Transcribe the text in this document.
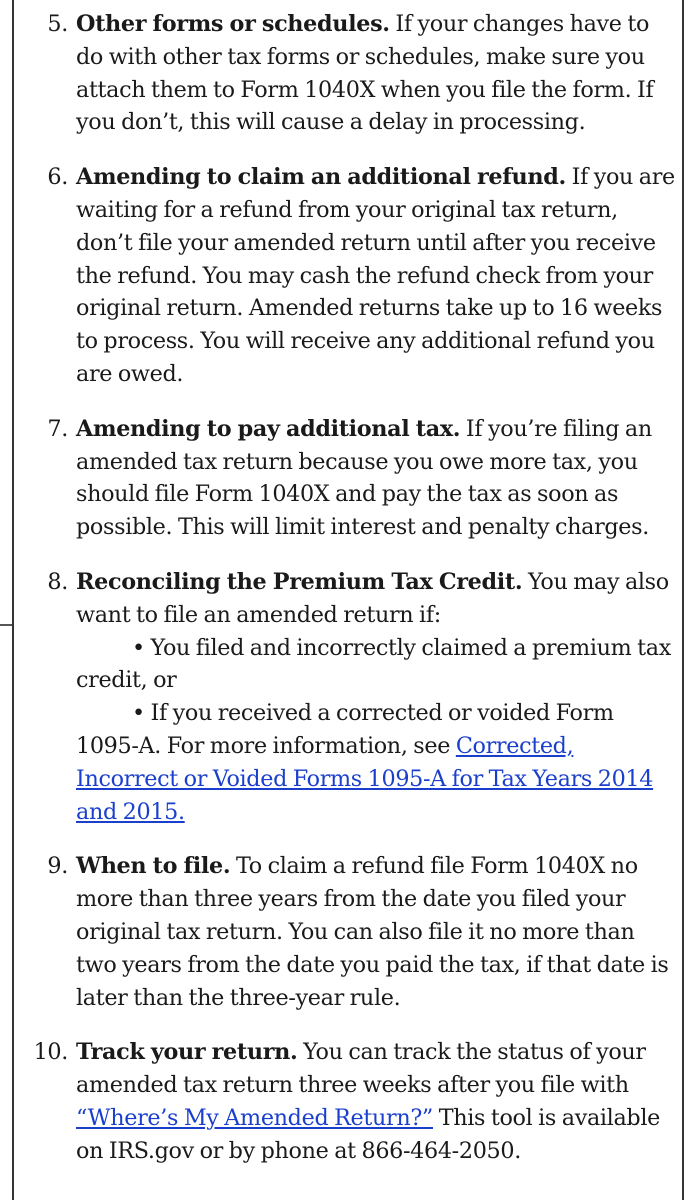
5. Other forms or schedules. If your changes have to do with other tax forms or schedules, make sure you attach them to Form 1040X when you file the form. If you don’t, this will cause a delay in processing.
6. Amending to claim an additional refund. If you are waiting for a refund from your original tax return, don’t file your amended return until after you receive the refund. You may cash the refund check from your original return. Amended returns take up to 16 weeks to process. You will receive any additional refund you are owed.
7. Amending to pay additional tax. If you’re filing an amended tax return because you owe more tax, you should file Form 1040X and pay the tax as soon as possible. This will limit interest and penalty charges.
8. Reconciling the Premium Tax Credit. You may also want to file an amended return if:
• You filed and incorrectly claimed a premium tax credit, or
• If you received a corrected or voided Form 1095-A. For more information, see Corrected, Incorrect or Voided Forms 1095-A for Tax Years 2014 and 2015.
9. When to file. To claim a refund file Form 1040X no more than three years from the date you filed your original tax return. You can also file it no more than two years from the date you paid the tax, if that date is later than the three-year rule.
10. Track your return. You can track the status of your amended tax return three weeks after you file with “Where’s My Amended Return?” This tool is available on IRS.gov or by phone at 866-464-2050.
